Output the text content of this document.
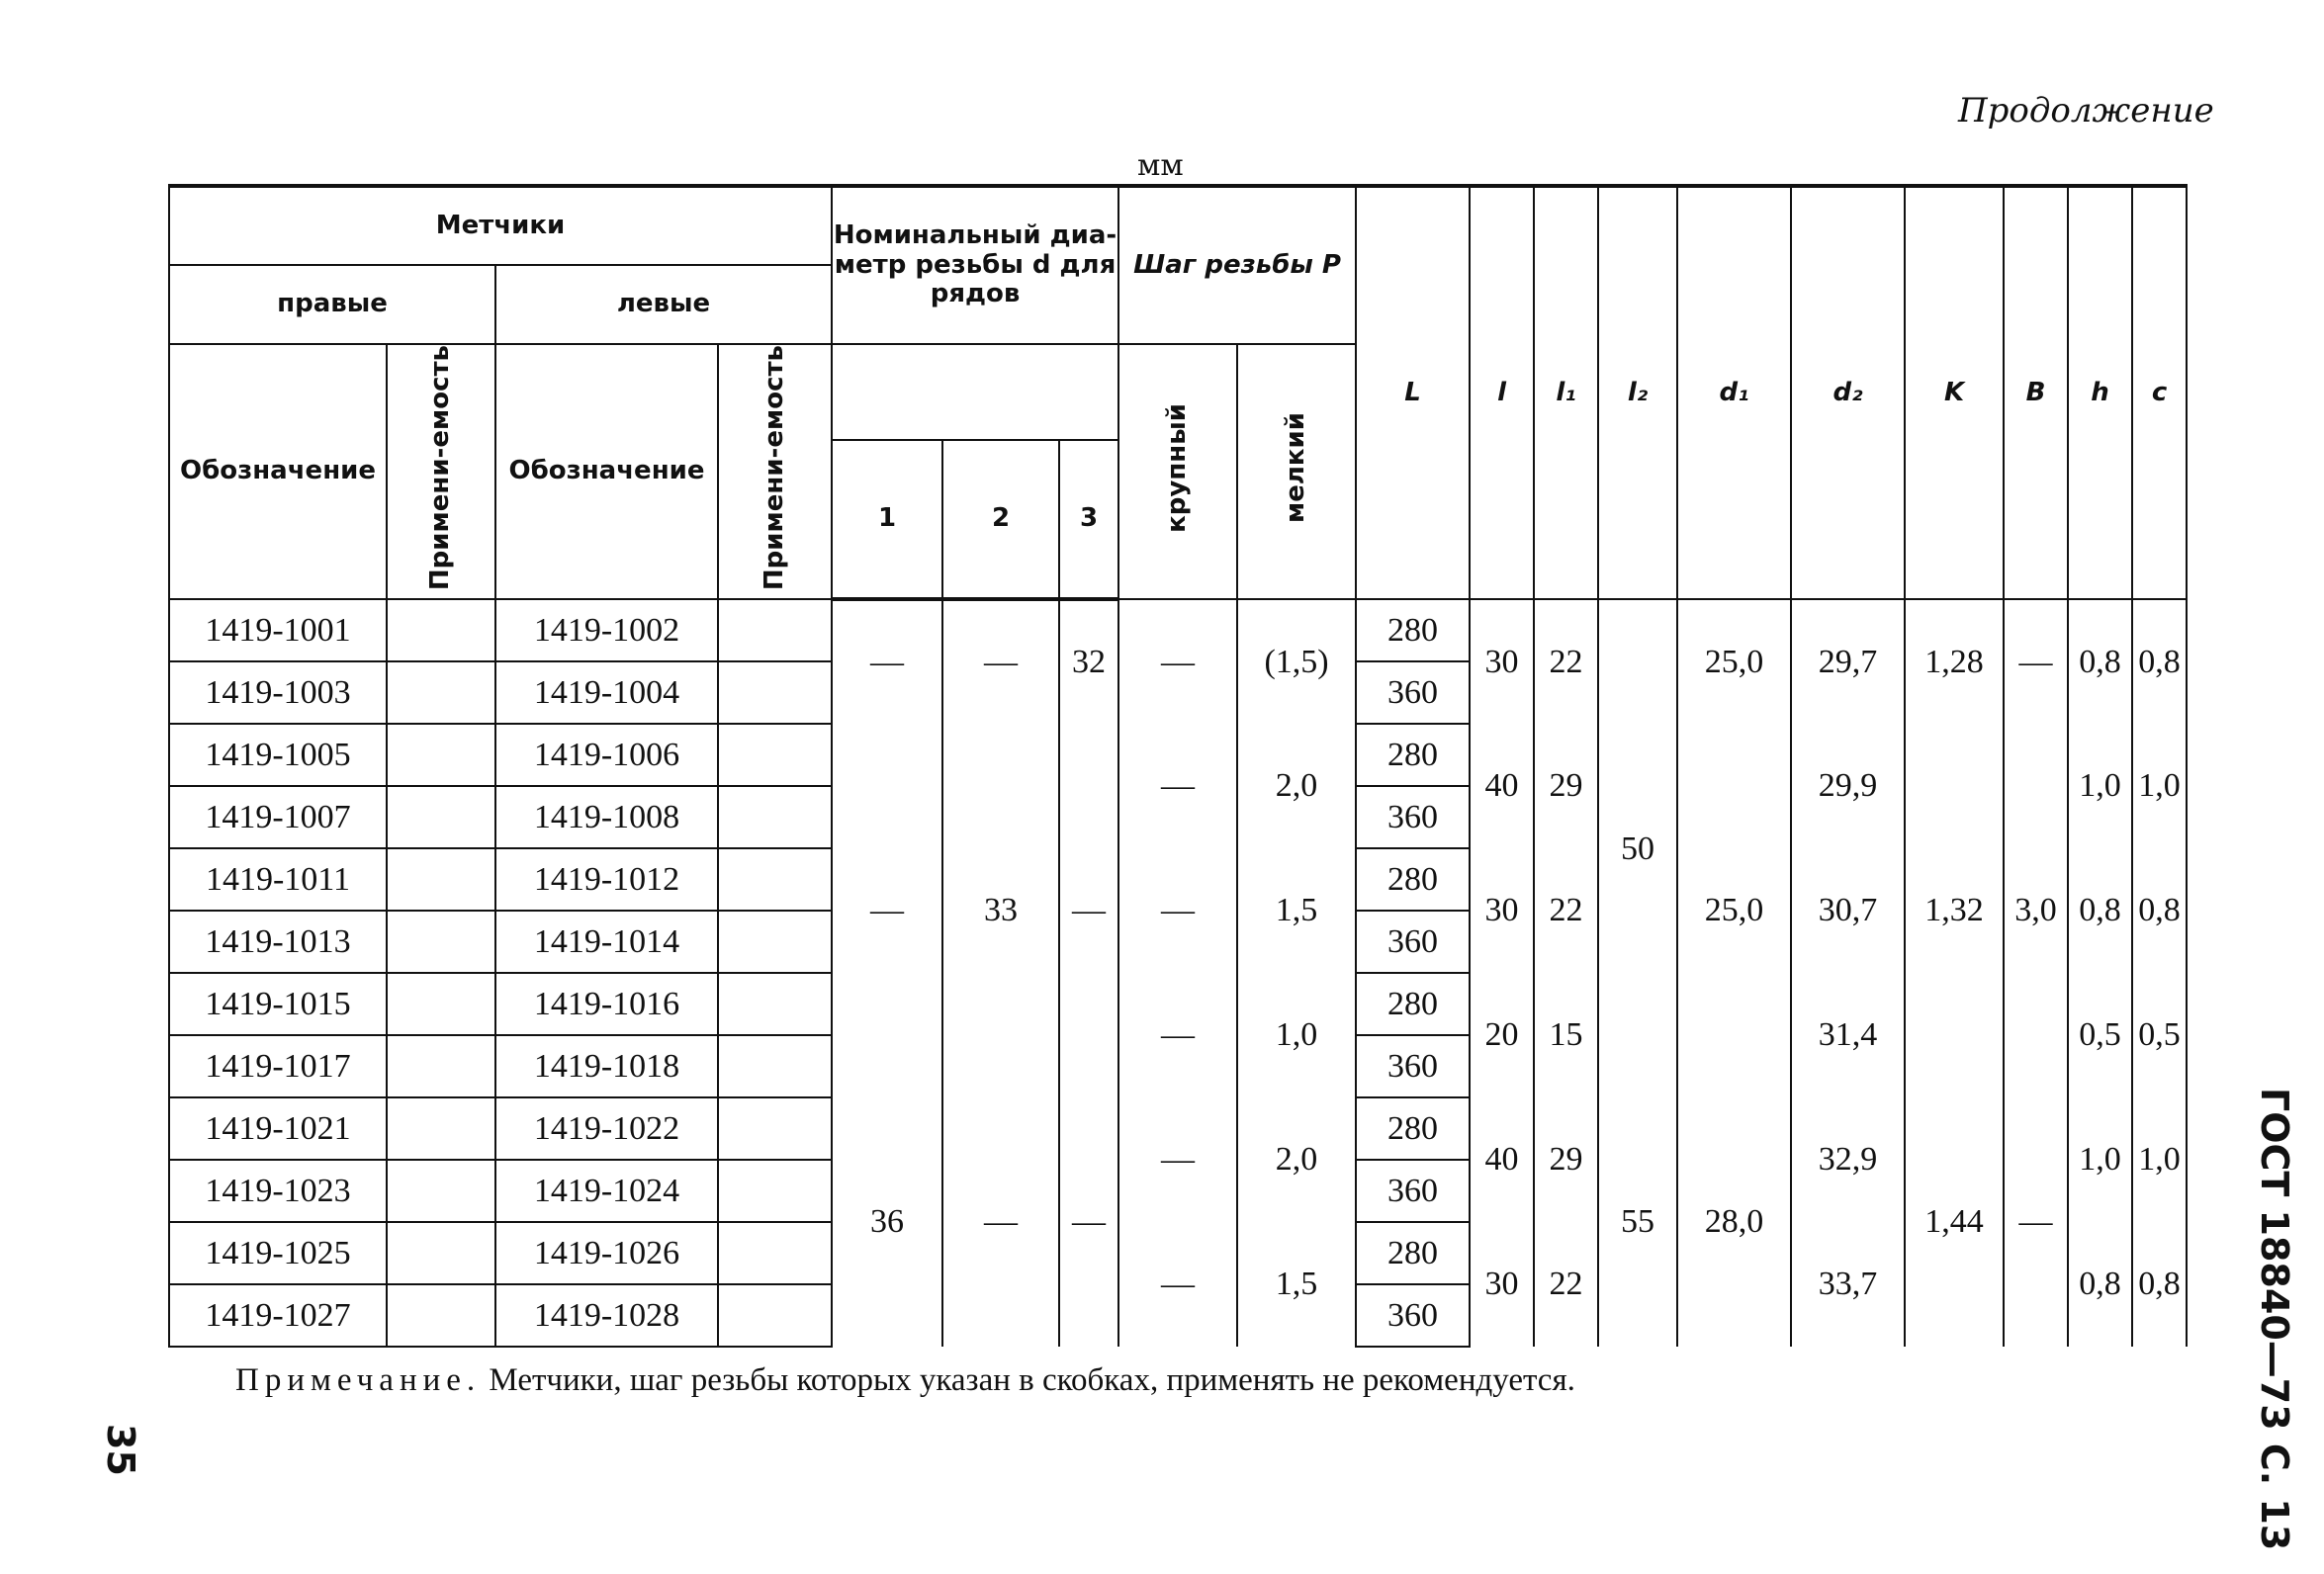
Продолжение
мм
Метчики				Номинальный диа-метр резьбы d для рядов			Шаг резьбы P		L	l	l₁	l₂	d₁	d₂	K	B	h	c
правые		левые																
Обозначение	Примени-емость	Обозначение	Примени-емость				крупный	мелкий										
				1	2	3												
1419-1001		1419-1002		—	—	32	—	(1,5)	280	30	22	50	25,0	29,7	1,28	—	0,8	0,8
1419-1003		1419-1004							360									
1419-1005		1419-1006		—	33	—	—	2,0	280	40	29		25,0	29,9	1,32	3,0	1,0	1,0
1419-1007		1419-1008							360									
1419-1011		1419-1012					—	1,5	280	30	22			30,7			0,8	0,8
1419-1013		1419-1014							360									
1419-1015		1419-1016					—	1,0	280	20	15			31,4			0,5	0,5
1419-1017		1419-1018							360									
1419-1021		1419-1022		36	—	—	—	2,0	280	40	29	55	28,0	32,9	1,44	—	1,0	1,0
1419-1023		1419-1024							360									
1419-1025		1419-1026					—	1,5	280	30	22			33,7			0,8	0,8
1419-1027		1419-1028							360									
Примечание. Метчики, шаг резьбы которых указан в скобках, применять не рекомендуется.
35	ГОСТ 18840—73 С. 13
